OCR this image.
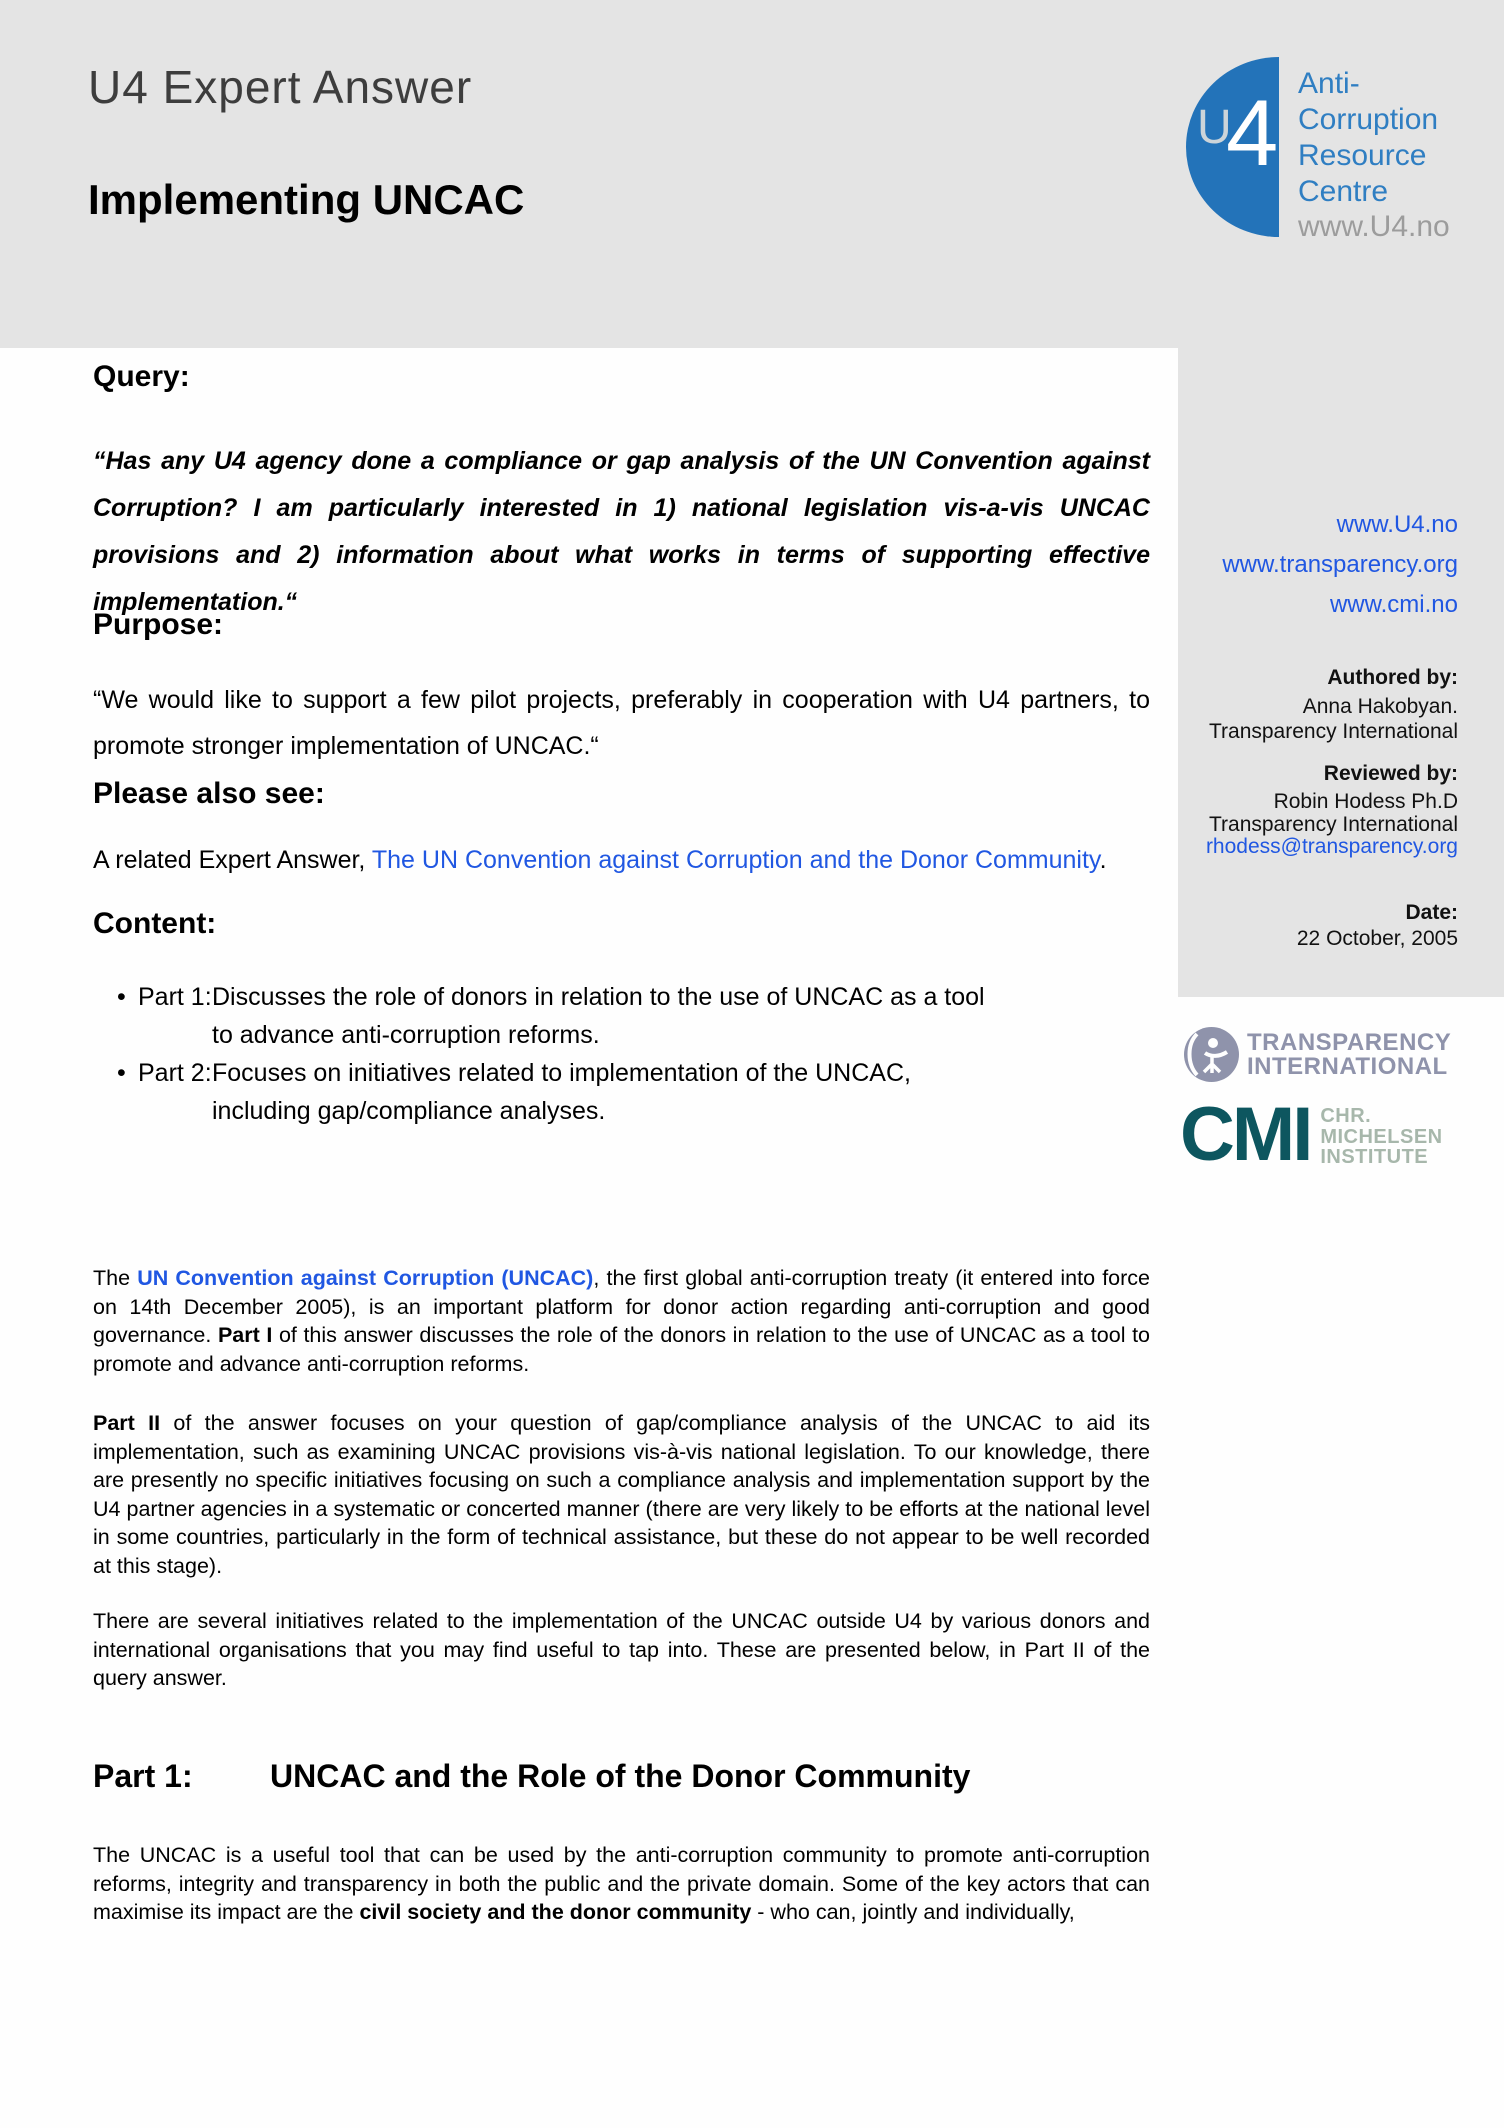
U4 Expert Answer
Implementing UNCAC
U
4 Anti-
Corruption
Resource
Centre
www.U4.no
www.U4.no
www.transparency.org
www.cmi.no
Authored by:
Anna Hakobyan.
Transparency International
Reviewed by:
Robin Hodess Ph.D
Transparency International
rhodess@transparency.org
Date:
22 October, 2005
TRANSPARENCY
INTERNATIONAL
CMI CHR.
MICHELSEN
INSTITUTE
Query:
“Has any U4 agency done a compliance or gap analysis of the UN Convention against Corruption? I am particularly interested in 1) national legislation vis-a-vis UNCAC provisions and 2) information about what works in terms of supporting effective implementation.“
Purpose:
“We would like to support a few pilot projects, preferably in cooperation with U4 partners, to promote stronger implementation of UNCAC.“
Please also see:
A related Expert Answer, The UN Convention against Corruption and the Donor Community.
Content:
• Part 1: Discusses the role of donors in relation to the use of UNCAC as a tool
to advance anti-corruption reforms.
• Part 2: Focuses on initiatives related to implementation of the UNCAC,
including gap/compliance analyses.
The UN Convention against Corruption (UNCAC), the first global anti-corruption treaty (it entered into force on 14th December 2005), is an important platform for donor action regarding anti-corruption and good governance. Part I of this answer discusses the role of the donors in relation to the use of UNCAC as a tool to promote and advance anti-corruption reforms.
Part II of the answer focuses on your question of gap/compliance analysis of the UNCAC to aid its implementation, such as examining UNCAC provisions vis-à-vis national legislation. To our knowledge, there are presently no specific initiatives focusing on such a compliance analysis and implementation support by the U4 partner agencies in a systematic or concerted manner (there are very likely to be efforts at the national level in some countries, particularly in the form of technical assistance, but these do not appear to be well recorded at this stage).
There are several initiatives related to the implementation of the UNCAC outside U4 by various donors and international organisations that you may find useful to tap into. These are presented below, in Part II of the query answer.
Part 1: UNCAC and the Role of the Donor Community
The UNCAC is a useful tool that can be used by the anti-corruption community to promote anti-corruption reforms, integrity and transparency in both the public and the private domain. Some of the key actors that can maximise its impact are the civil society and the donor community - who can, jointly and individually,
